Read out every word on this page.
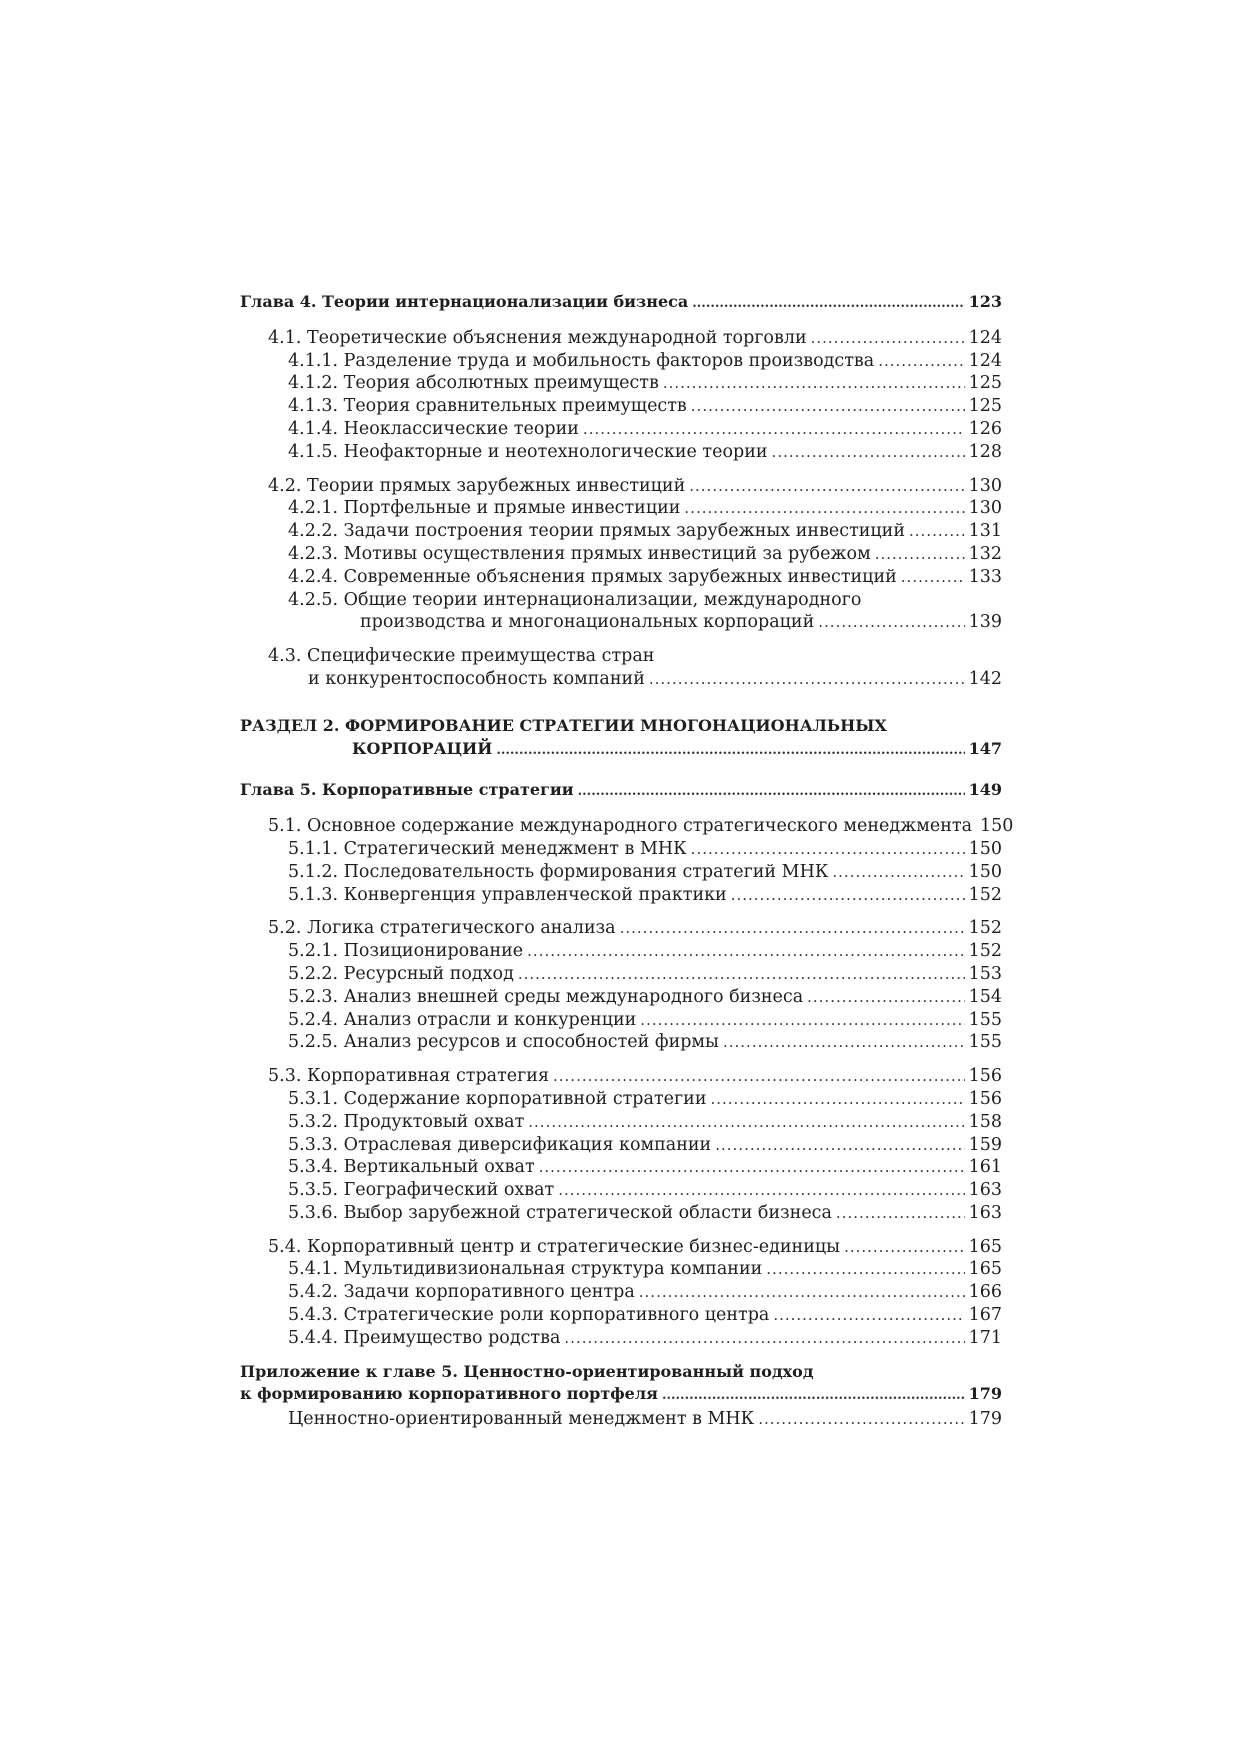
Глава 4. Теории интернационализации бизнеса .....	123
4.1. Теоретические объяснения международной торговли .....	124
4.1.1. Разделение труда и мобильность факторов производства .....	124
4.1.2. Теория абсолютных преимуществ .....	125
4.1.3. Теория сравнительных преимуществ .....	125
4.1.4. Неоклассические теории .....	126
4.1.5. Неофакторные и неотехнологические теории .....	128
4.2. Теории прямых зарубежных инвестиций .....	130
4.2.1. Портфельные и прямые инвестиции .....	130
4.2.2. Задачи построения теории прямых зарубежных инвестиций .....	131
4.2.3. Мотивы осуществления прямых инвестиций за рубежом .....	132
4.2.4. Современные объяснения прямых зарубежных инвестиций .....	133
4.2.5. Общие теории интернационализации, международного
производства и многонациональных корпораций .....	139
4.3. Специфические преимущества стран
и конкурентоспособность компаний .....	142
РАЗДЕЛ 2. ФОРМИРОВАНИЕ СТРАТЕГИИ МНОГОНАЦИОНАЛЬНЫХ
КОРПОРАЦИЙ .....	147
Глава 5. Корпоративные стратегии .....	149
5.1. Основное содержание международного стратегического менеджмента 150
5.1.1. Стратегический менеджмент в МНК .....	150
5.1.2. Последовательность формирования стратегий МНК .....	150
5.1.3. Конвергенция управленческой практики .....	152
5.2. Логика стратегического анализа .....	152
5.2.1. Позиционирование .....	152
5.2.2. Ресурсный подход .....	153
5.2.3. Анализ внешней среды международного бизнеса .....	154
5.2.4. Анализ отрасли и конкуренции .....	155
5.2.5. Анализ ресурсов и способностей фирмы .....	155
5.3. Корпоративная стратегия .....	156
5.3.1. Содержание корпоративной стратегии .....	156
5.3.2. Продуктовый охват .....	158
5.3.3. Отраслевая диверсификация компании .....	159
5.3.4. Вертикальный охват .....	161
5.3.5. Географический охват .....	163
5.3.6. Выбор зарубежной стратегической области бизнеса .....	163
5.4. Корпоративный центр и стратегические бизнес-единицы .....	165
5.4.1. Мультидивизиональная структура компании .....	165
5.4.2. Задачи корпоративного центра .....	166
5.4.3. Стратегические роли корпоративного центра .....	167
5.4.4. Преимущество родства .....	171
Приложение к главе 5. Ценностно-ориентированный подход
к формированию корпоративного портфеля .....	179
Ценностно-ориентированный менеджмент в МНК .....	179
